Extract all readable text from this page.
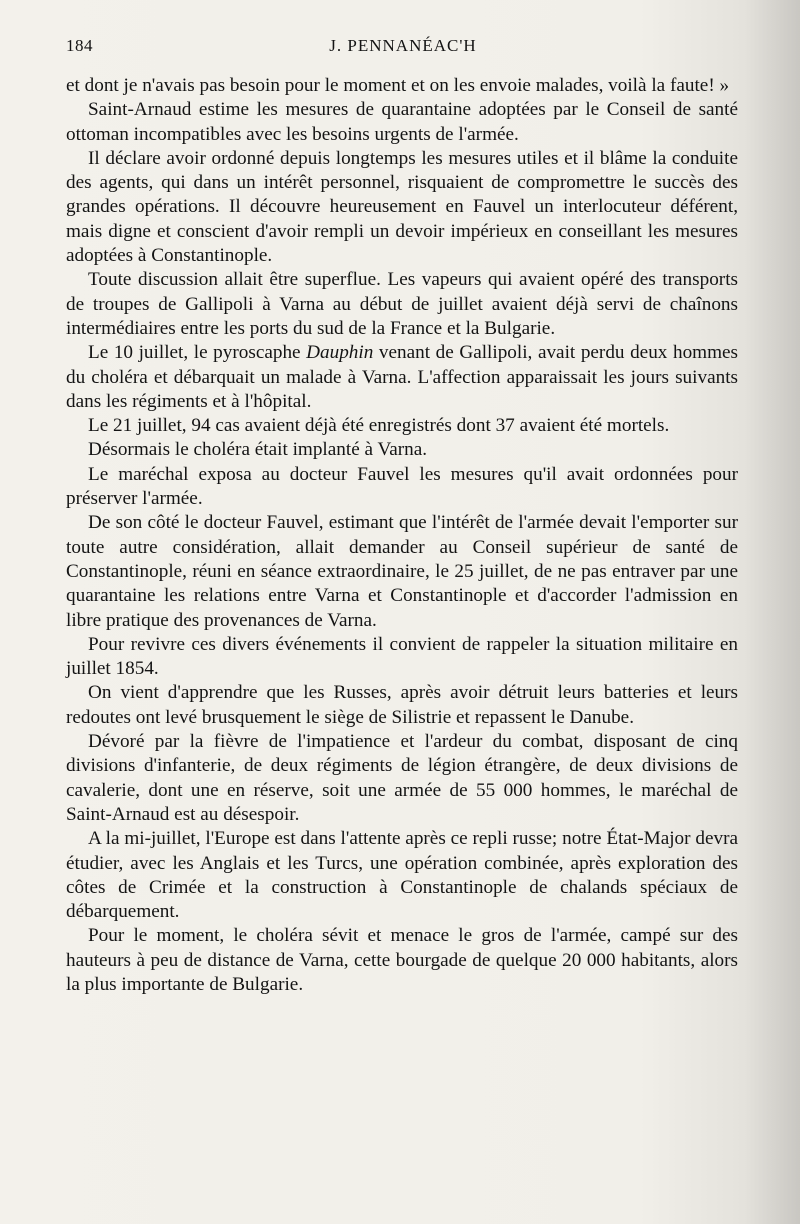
184	J. PENNANÉAC'H

et dont je n'avais pas besoin pour le moment et on les envoie malades, voilà la faute! »

Saint-Arnaud estime les mesures de quarantaine adoptées par le Conseil de santé ottoman incompatibles avec les besoins urgents de l'armée.

Il déclare avoir ordonné depuis longtemps les mesures utiles et il blâme la conduite des agents, qui dans un intérêt personnel, risquaient de compromettre le succès des grandes opérations. Il découvre heureusement en Fauvel un interlocuteur déférent, mais digne et conscient d'avoir rempli un devoir impérieux en conseillant les mesures adoptées à Constantinople.

Toute discussion allait être superflue. Les vapeurs qui avaient opéré des transports de troupes de Gallipoli à Varna au début de juillet avaient déjà servi de chaînons intermédiaires entre les ports du sud de la France et la Bulgarie.

Le 10 juillet, le pyroscaphe Dauphin venant de Gallipoli, avait perdu deux hommes du choléra et débarquait un malade à Varna. L'affection apparaissait les jours suivants dans les régiments et à l'hôpital.

Le 21 juillet, 94 cas avaient déjà été enregistrés dont 37 avaient été mortels.

Désormais le choléra était implanté à Varna.

Le maréchal exposa au docteur Fauvel les mesures qu'il avait ordonnées pour préserver l'armée.

De son côté le docteur Fauvel, estimant que l'intérêt de l'armée devait l'emporter sur toute autre considération, allait demander au Conseil supérieur de santé de Constantinople, réuni en séance extraordinaire, le 25 juillet, de ne pas entraver par une quarantaine les relations entre Varna et Constantinople et d'accorder l'admission en libre pratique des provenances de Varna.

Pour revivre ces divers événements il convient de rappeler la situation militaire en juillet 1854.

On vient d'apprendre que les Russes, après avoir détruit leurs batteries et leurs redoutes ont levé brusquement le siège de Silistrie et repassent le Danube.

Dévoré par la fièvre de l'impatience et l'ardeur du combat, disposant de cinq divisions d'infanterie, de deux régiments de légion étrangère, de deux divisions de cavalerie, dont une en réserve, soit une armée de 55 000 hommes, le maréchal de Saint-Arnaud est au désespoir.

A la mi-juillet, l'Europe est dans l'attente après ce repli russe; notre État-Major devra étudier, avec les Anglais et les Turcs, une opération combinée, après exploration des côtes de Crimée et la construction à Constantinople de chalands spéciaux de débarquement.

Pour le moment, le choléra sévit et menace le gros de l'armée, campé sur des hauteurs à peu de distance de Varna, cette bourgade de quelque 20 000 habitants, alors la plus importante de Bulgarie.
